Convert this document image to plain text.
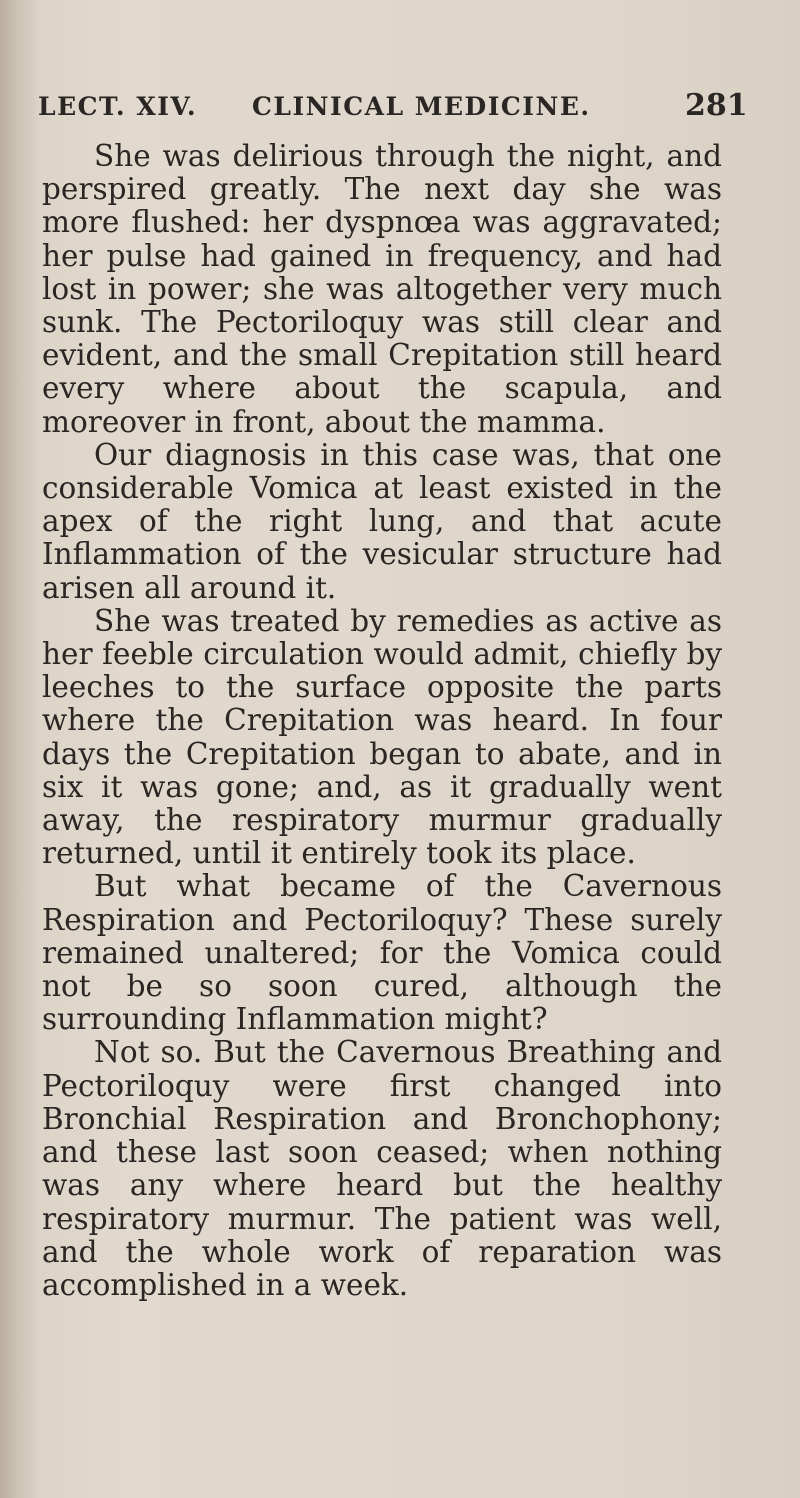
LECT. XIV. CLINICAL MEDICINE.	281

She was delirious through the night, and perspired greatly. The next day she was more flushed: her dyspnœa was aggravated; her pulse had gained in frequency, and had lost in power; she was altogether very much sunk. The Pectoriloquy was still clear and evident, and the small Crepitation still heard every where about the scapula, and moreover in front, about the mamma.

Our diagnosis in this case was, that one considerable Vomica at least existed in the apex of the right lung, and that acute Inflammation of the vesicular structure had arisen all around it.

She was treated by remedies as active as her feeble circulation would admit, chiefly by leeches to the surface opposite the parts where the Crepitation was heard. In four days the Crepitation began to abate, and in six it was gone; and, as it gradually went away, the respiratory murmur gradually returned, until it entirely took its place.

But what became of the Cavernous Respiration and Pectoriloquy? These surely remained unaltered; for the Vomica could not be so soon cured, although the surrounding Inflammation might?

Not so. But the Cavernous Breathing and Pectoriloquy were first changed into Bronchial Respiration and Bronchophony; and these last soon ceased; when nothing was any where heard but the healthy respiratory murmur. The patient was well, and the whole work of reparation was accomplished in a week.
